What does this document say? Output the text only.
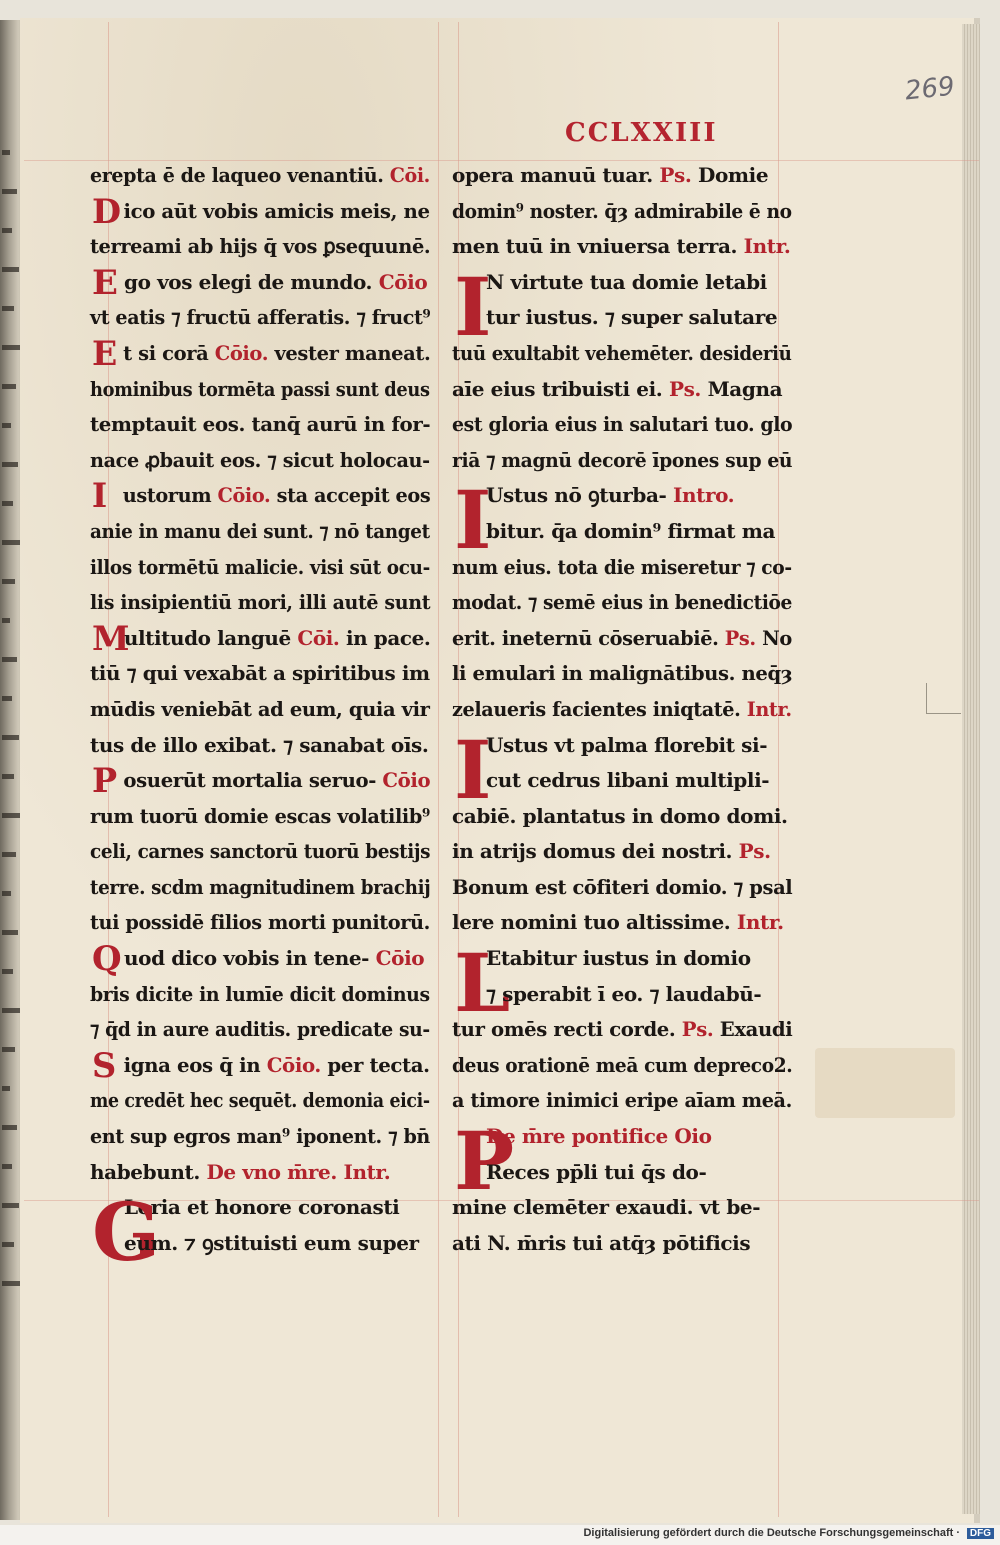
269
CCLXXIII
erepta ē de laqueo venantiū. Cōi.
D ico aūt vobis amicis meis, ne
terreami ab hijs q̄ vos ꝑsequunē.
E go vos elegi de mundo. Cōio
vt eatis ⁊ fructū afferatis. ⁊ fruct⁹
E t si corā Cōio. vester maneat.
hominibus tormēta passi sunt deus
temptauit eos. tanq̄ aurū in for-
nace ꝓbauit eos. ⁊ sicut holocau-
I ustorum Cōio. sta accepit eos
anie in manu dei sunt. ⁊ nō tanget
illos tormētū malicie. visi sūt ocu-
lis insipientiū mori, illi autē sunt
M
ultitudo languē Cōi. in pace.
tiū ⁊ qui vexabāt a spiritibus im
mūdis veniebāt ad eum, quia vir
tus de illo exibat. ⁊ sanabat oīs.
P osuerūt mortalia seruo- Cōio
rum tuorū domie escas volatilib⁹
celi, carnes sanctorū tuorū bestijs
terre. scdm magnitudinem brachij
tui possidē filios morti punitorū.
Q uod dico vobis in tene- Cōio
bris dicite in lumīe dicit dominus
⁊ q̄d in aure auditis. predicate su-
S igna eos q̄ in Cōio. per tecta.
me credēt hec sequēt. demonia eici-
ent sup egros man⁹ iponent. ⁊ bn̄
habebunt. De vno m̄re. Intr.
G
Loria et honore coronasti
eum. ⁊ ꝯstituisti eum super
opera manuū tuar. Ps. Domie
domin⁹ noster. q̄ȝ admirabile ē no
men tuū in vniuersa terra. Intr.
I
N virtute tua domie letabi
tur iustus. ⁊ super salutare
tuū exultabit vehemēter. desideriū
aīe eius tribuisti ei. Ps. Magna
est gloria eius in salutari tuo. glo
riā ⁊ magnū decorē īpones sup eū
I
Ustus nō ꝯturba- Intro.
bitur. q̄a domin⁹ firmat ma
num eius. tota die miseretur ⁊ co-
modat. ⁊ semē eius in benedictiōe
erit. ineternū cōseruabiē. Ps. No
li emulari in malignātibus. neq̄ȝ
zelaueris facientes iniqtatē. Intr.
I
Ustus vt palma florebit si-
cut cedrus libani multipli-
cabiē. plantatus in domo domi.
in atrijs domus dei nostri. Ps.
Bonum est cōfiteri domio. ⁊ psal
lere nomini tuo altissime. Intr.
L
Etabitur iustus in domio
⁊ sperabit ī eo. ⁊ laudabū-
tur omēs recti corde. Ps. Exaudi
deus orationē meā cum depreco2.
a timore inimici eripe aīam meā.
P
De m̄re pontifice Oio
Reces pp̄li tui q̄s do-
mine clemēter exaudi. vt be-
ati N. m̄ris tui atq̄ȝ pōtificis
Digitalisierung gefördert durch die Deutsche Forschungsgemeinschaft · DFG
